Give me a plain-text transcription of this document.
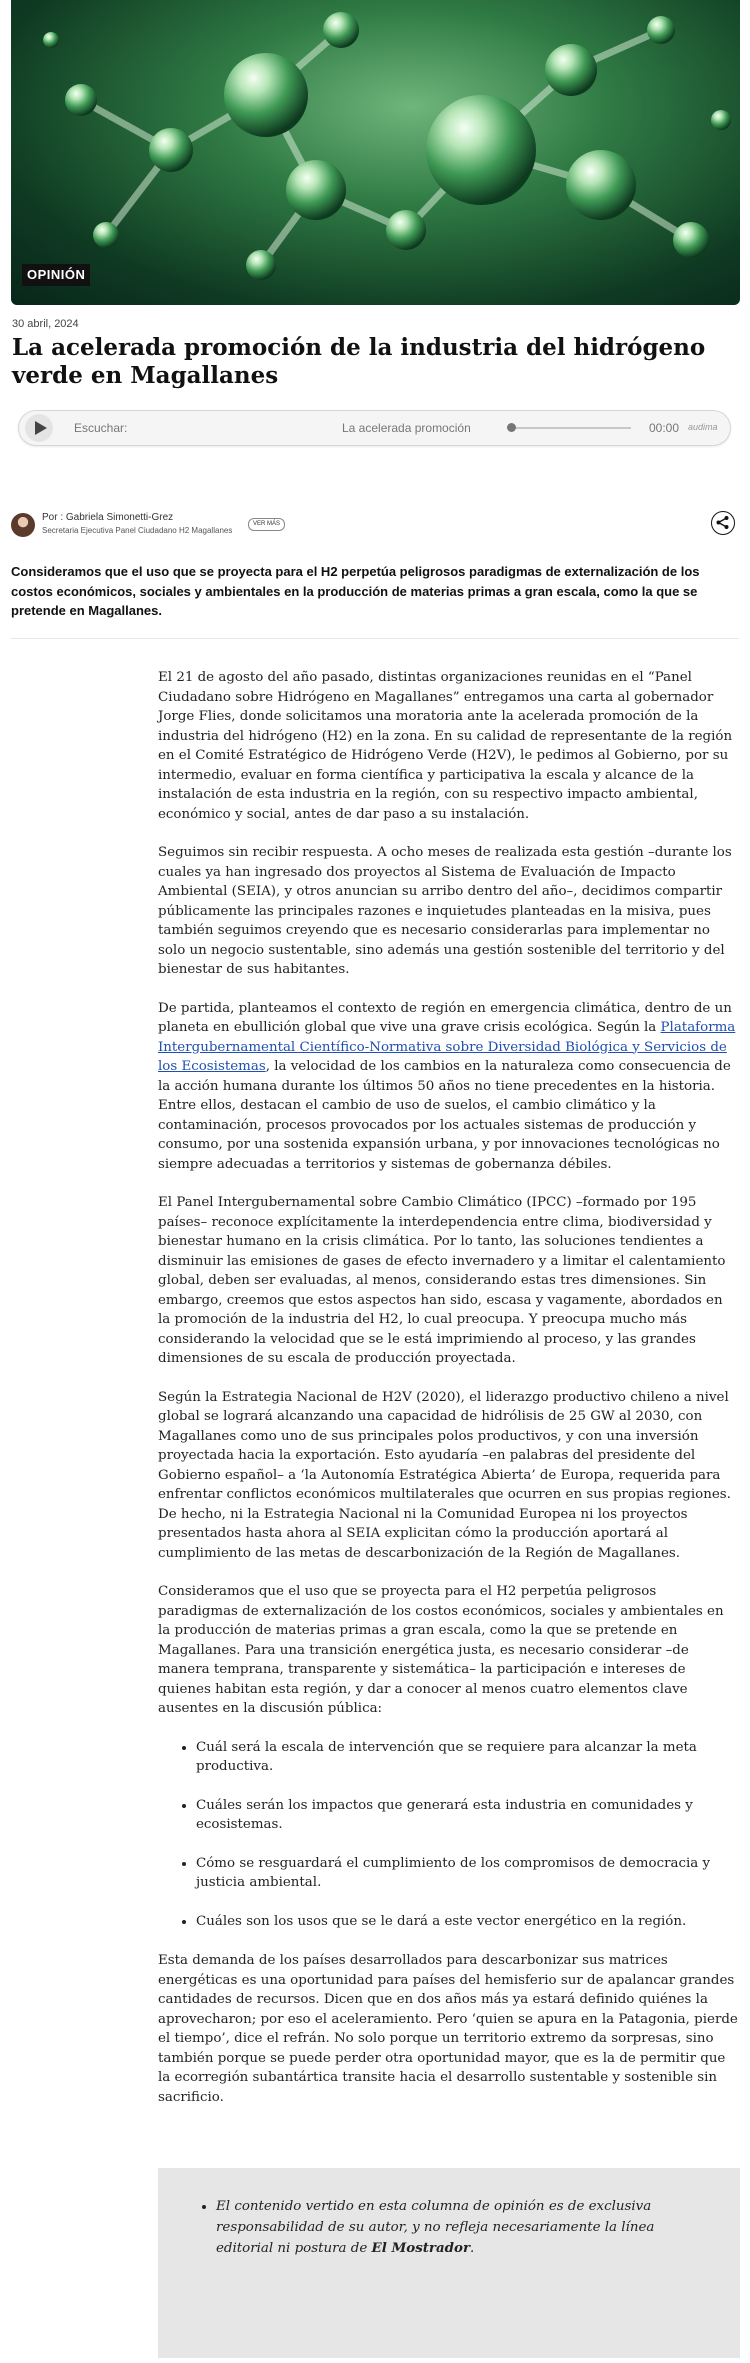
OPINIÓN
30 abril, 2024
La acelerada promoción de la industria del hidrógeno verde en Magallanes
Escuchar:	La acelerada promoción	00:00 audima
Por : Gabriela Simonetti-Grez
Secretaria Ejecutiva Panel Ciudadano H2 Magallanes
VER MÁS

Consideramos que el uso que se proyecta para el H2 perpetúa peligrosos paradigmas de externalización de los costos económicos, sociales y ambientales en la producción de materias primas a gran escala, como la que se pretende en Magallanes.

El 21 de agosto del año pasado, distintas organizaciones reunidas en el “Panel Ciudadano sobre Hidrógeno en Magallanes” entregamos una carta al gobernador Jorge Flies, donde solicitamos una moratoria ante la acelerada promoción de la industria del hidrógeno (H2) en la zona. En su calidad de representante de la región en el Comité Estratégico de Hidrógeno Verde (H2V), le pedimos al Gobierno, por su intermedio, evaluar en forma científica y participativa la escala y alcance de la instalación de esta industria en la región, con su respectivo impacto ambiental, económico y social, antes de dar paso a su instalación.

Seguimos sin recibir respuesta. A ocho meses de realizada esta gestión –durante los cuales ya han ingresado dos proyectos al Sistema de Evaluación de Impacto Ambiental (SEIA), y otros anuncian su arribo dentro del año–, decidimos compartir públicamente las principales razones e inquietudes planteadas en la misiva, pues también seguimos creyendo que es necesario considerarlas para implementar no solo un negocio sustentable, sino además una gestión sostenible del territorio y del bienestar de sus habitantes.

De partida, planteamos el contexto de región en emergencia climática, dentro de un planeta en ebullición global que vive una grave crisis ecológica. Según la Plataforma Intergubernamental Científico-Normativa sobre Diversidad Biológica y Servicios de los Ecosistemas, la velocidad de los cambios en la naturaleza como consecuencia de la acción humana durante los últimos 50 años no tiene precedentes en la historia. Entre ellos, destacan el cambio de uso de suelos, el cambio climático y la contaminación, procesos provocados por los actuales sistemas de producción y consumo, por una sostenida expansión urbana, y por innovaciones tecnológicas no siempre adecuadas a territorios y sistemas de gobernanza débiles.

El Panel Intergubernamental sobre Cambio Climático (IPCC) –formado por 195 países– reconoce explícitamente la interdependencia entre clima, biodiversidad y bienestar humano en la crisis climática. Por lo tanto, las soluciones tendientes a disminuir las emisiones de gases de efecto invernadero y a limitar el calentamiento global, deben ser evaluadas, al menos, considerando estas tres dimensiones. Sin embargo, creemos que estos aspectos han sido, escasa y vagamente, abordados en la promoción de la industria del H2, lo cual preocupa. Y preocupa mucho más considerando la velocidad que se le está imprimiendo al proceso, y las grandes dimensiones de su escala de producción proyectada.

Según la Estrategia Nacional de H2V (2020), el liderazgo productivo chileno a nivel global se logrará alcanzando una capacidad de hidrólisis de 25 GW al 2030, con Magallanes como uno de sus principales polos productivos, y con una inversión proyectada hacia la exportación. Esto ayudaría –en palabras del presidente del Gobierno español– a ‘la Autonomía Estratégica Abierta’ de Europa, requerida para enfrentar conflictos económicos multilaterales que ocurren en sus propias regiones. De hecho, ni la Estrategia Nacional ni la Comunidad Europea ni los proyectos presentados hasta ahora al SEIA explicitan cómo la producción aportará al cumplimiento de las metas de descarbonización de la Región de Magallanes.

Consideramos que el uso que se proyecta para el H2 perpetúa peligrosos paradigmas de externalización de los costos económicos, sociales y ambientales en la producción de materias primas a gran escala, como la que se pretende en Magallanes. Para una transición energética justa, es necesario considerar –de manera temprana, transparente y sistemática– la participación e intereses de quienes habitan esta región, y dar a conocer al menos cuatro elementos clave ausentes en la discusión pública:

• Cuál será la escala de intervención que se requiere para alcanzar la meta productiva.
• Cuáles serán los impactos que generará esta industria en comunidades y ecosistemas.
• Cómo se resguardará el cumplimiento de los compromisos de democracia y justicia ambiental.
• Cuáles son los usos que se le dará a este vector energético en la región.

Esta demanda de los países desarrollados para descarbonizar sus matrices energéticas es una oportunidad para países del hemisferio sur de apalancar grandes cantidades de recursos. Dicen que en dos años más ya estará definido quiénes la aprovecharon; por eso el aceleramiento. Pero ‘quien se apura en la Patagonia, pierde el tiempo’, dice el refrán. No solo porque un territorio extremo da sorpresas, sino también porque se puede perder otra oportunidad mayor, que es la de permitir que la ecorregión subantártica transite hacia el desarrollo sustentable y sostenible sin sacrificio.

• El contenido vertido en esta columna de opinión es de exclusiva responsabilidad de su autor, y no refleja necesariamente la línea editorial ni postura de El Mostrador.
